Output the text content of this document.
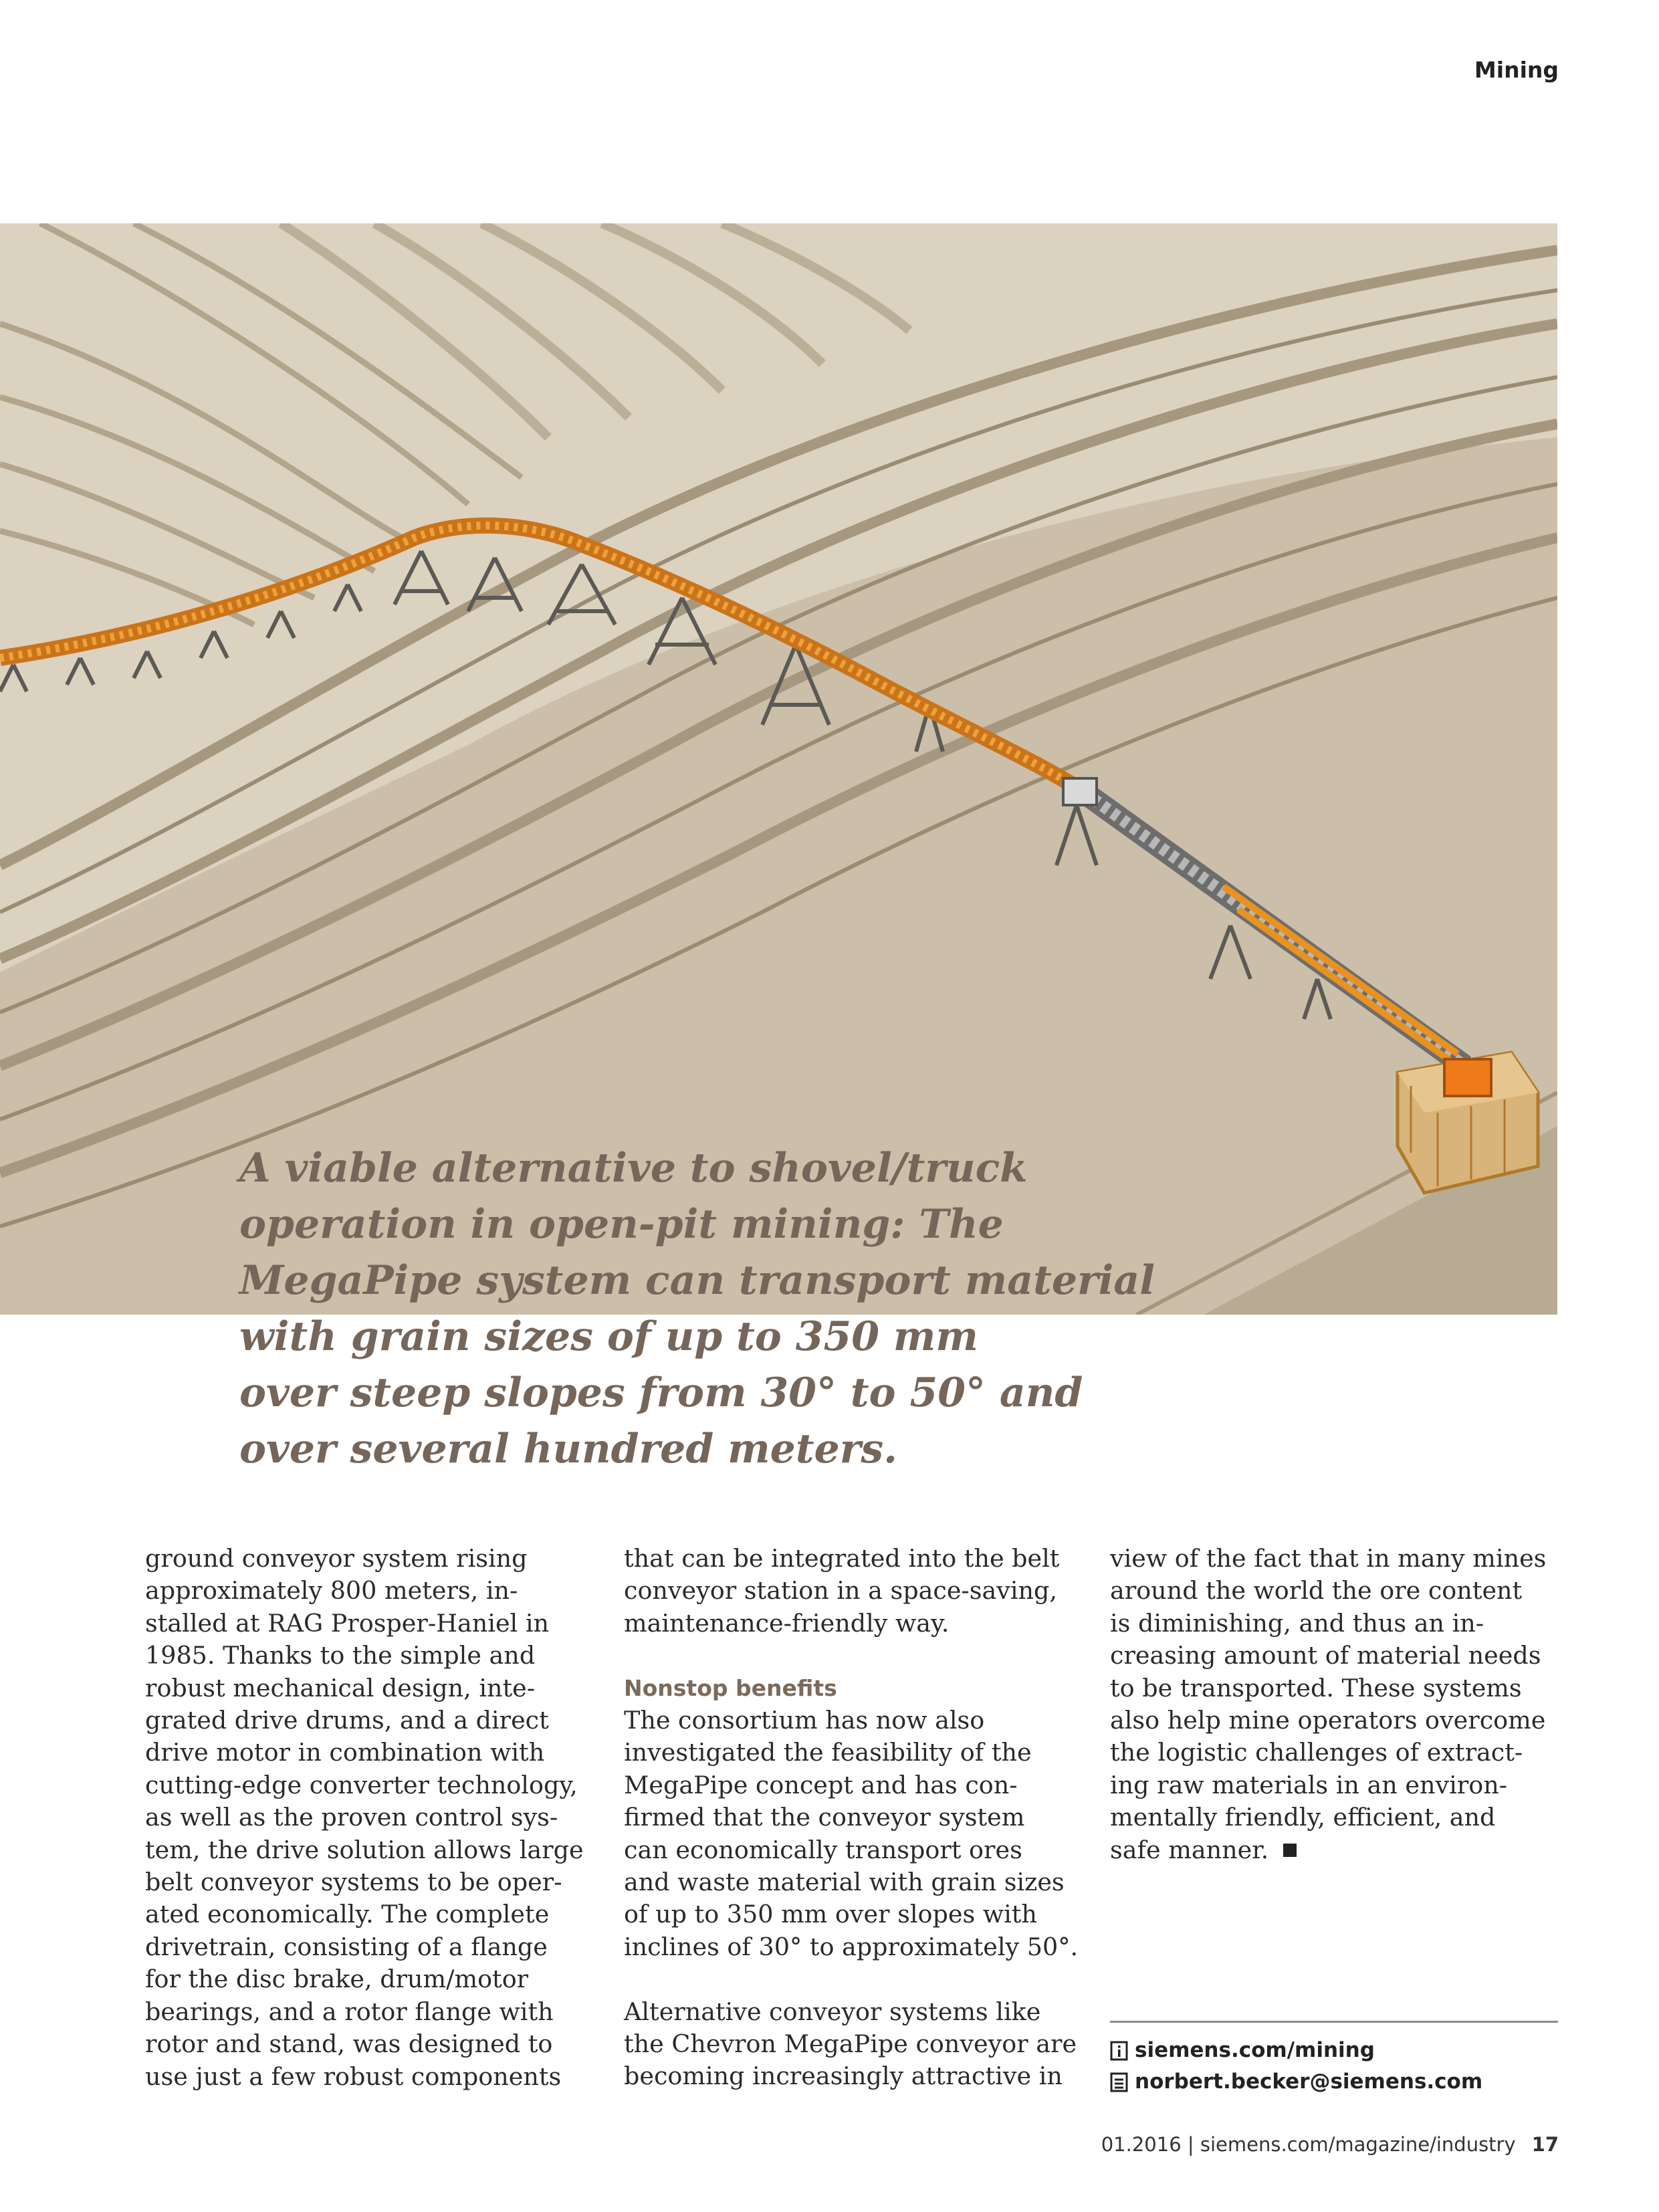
Mining
A viable alternative to shovel/truck
operation in open-pit mining: The
MegaPipe system can transport material
with grain sizes of up to 350 mm
over steep slopes from 30° to 50° and
over several hundred meters.
ground conveyor system rising
approximately 800 meters, in-
stalled at RAG Prosper-Haniel in
1985. Thanks to the simple and
robust mechanical design, inte-
grated drive drums, and a direct
drive motor in combination with
cutting-edge converter technology,
as well as the proven control sys-
tem, the drive solution allows large
belt conveyor systems to be oper-
ated economically. The complete
drivetrain, consisting of a flange
for the disc brake, drum/motor
bearings, and a rotor flange with
rotor and stand, was designed to
use just a few robust components
that can be integrated into the belt
conveyor station in a space-saving,
maintenance-friendly way.
Nonstop benefits
The consortium has now also
investigated the feasibility of the
MegaPipe concept and has con-
firmed that the conveyor system
can economically transport ores
and waste material with grain sizes
of up to 350 mm over slopes with
inclines of 30° to approximately 50°.
Alternative conveyor systems like
the Chevron MegaPipe conveyor are
becoming increasingly attractive in
view of the fact that in many mines
around the world the ore content
is diminishing, and thus an in-
creasing amount of material needs
to be transported. These systems
also help mine operators overcome
the logistic challenges of extract-
ing raw materials in an environ-
mentally friendly, efficient, and
safe manner.
siemens.com/mining
norbert.becker@siemens.com
01.2016 | siemens.com/magazine/industry 17
